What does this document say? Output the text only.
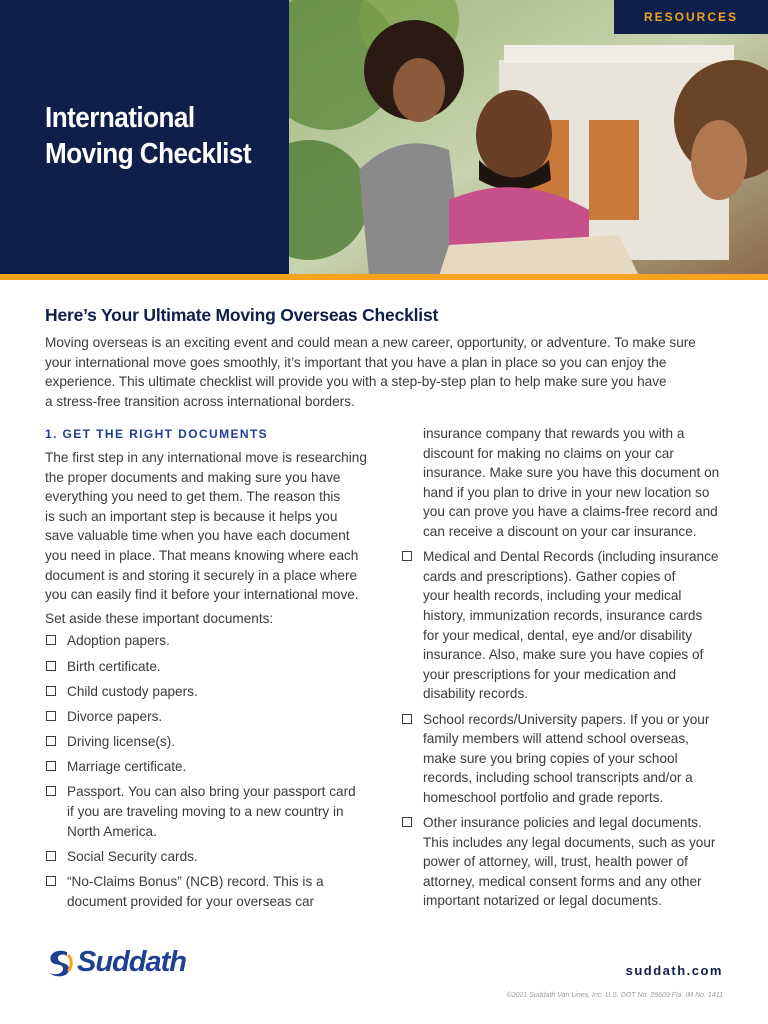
International
Moving Checklist
RESOURCES
Here’s Your Ultimate Moving Overseas Checklist
Moving overseas is an exciting event and could mean a new career, opportunity, or adventure. To make sure
your international move goes smoothly, it’s important that you have a plan in place so you can enjoy the
experience. This ultimate checklist will provide you with a step-by-step plan to help make sure you have
a stress-free transition across international borders.
1. GET THE RIGHT DOCUMENTS
The first step in any international move is researching
the proper documents and making sure you have
everything you need to get them. The reason this
is such an important step is because it helps you
save valuable time when you have each document
you need in place. That means knowing where each
document is and storing it securely in a place where
you can easily find it before your international move.
Set aside these important documents:
Adoption papers.
Birth certificate.
Child custody papers.
Divorce papers.
Driving license(s).
Marriage certificate.
Passport. You can also bring your passport card
if you are traveling moving to a new country in
North America.
Social Security cards.
“No-Claims Bonus” (NCB) record. This is a
document provided for your overseas car
insurance company that rewards you with a
discount for making no claims on your car
insurance. Make sure you have this document on
hand if you plan to drive in your new location so
you can prove you have a claims-free record and
can receive a discount on your car insurance.
Medical and Dental Records (including insurance
cards and prescriptions). Gather copies of
your health records, including your medical
history, immunization records, insurance cards
for your medical, dental, eye and/or disability
insurance. Also, make sure you have copies of
your prescriptions for your medication and
disability records.
School records/University papers. If you or your
family members will attend school overseas,
make sure you bring copies of your school
records, including school transcripts and/or a
homeschool portfolio and grade reports.
Other insurance policies and legal documents.
This includes any legal documents, such as your
power of attorney, will, trust, health power of
attorney, medical consent forms and any other
important notarized or legal documents.
Suddath	suddath.com
©2021 Suddath Van Lines, Inc. U.S. DOT No. 29609 Fla. IM No. 1411
